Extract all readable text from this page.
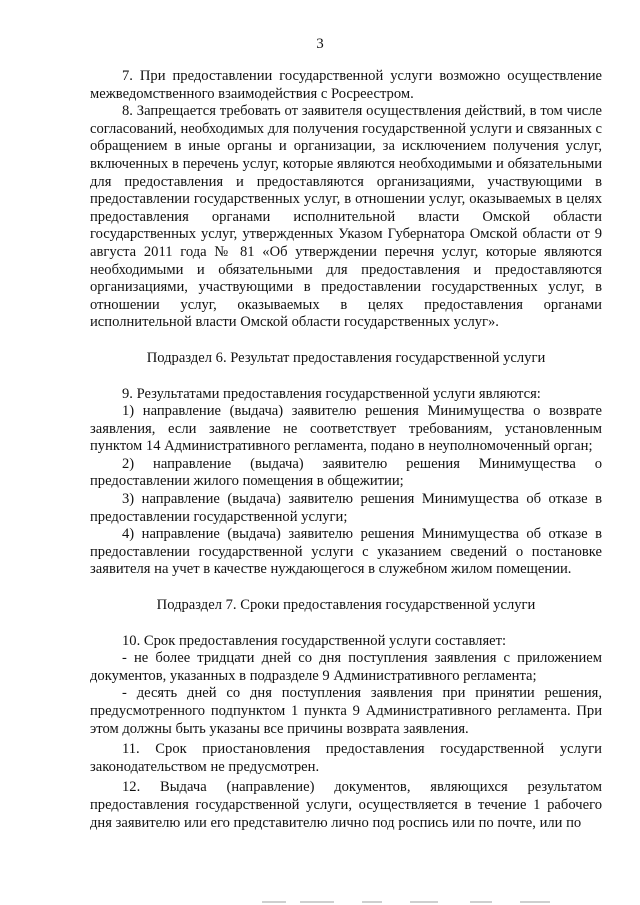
3

7. При предоставлении государственной услуги возможно осуществление межведомственного взаимодействия с Росреестром.

8. Запрещается требовать от заявителя осуществления действий, в том числе согласований, необходимых для получения государственной услуги и связанных с обращением в иные органы и организации, за исключением получения услуг, включенных в перечень услуг, которые являются необходимыми и обязательными для предоставления и предоставляются организациями, участвующими в предоставлении государственных услуг, в отношении услуг, оказываемых в целях предоставления органами исполнительной власти Омской области государственных услуг, утвержденных Указом Губернатора Омской области от 9 августа 2011 года № 81 «Об утверждении перечня услуг, которые являются необходимыми и обязательными для предоставления и предоставляются организациями, участвующими в предоставлении государственных услуг, в отношении услуг, оказываемых в целях предоставления органами исполнительной власти Омской области государственных услуг».

Подраздел 6. Результат предоставления государственной услуги

9. Результатами предоставления государственной услуги являются:

1) направление (выдача) заявителю решения Минимущества о возврате заявления, если заявление не соответствует требованиям, установленным пунктом 14 Административного регламента, подано в неуполномоченный орган;

2) направление (выдача) заявителю решения Минимущества о предоставлении жилого помещения в общежитии;

3) направление (выдача) заявителю решения Минимущества об отказе в предоставлении государственной услуги;

4) направление (выдача) заявителю решения Минимущества об отказе в предоставлении государственной услуги с указанием сведений о постановке заявителя на учет в качестве нуждающегося в служебном жилом помещении.

Подраздел 7. Сроки предоставления государственной услуги

10. Срок предоставления государственной услуги составляет:

- не более тридцати дней со дня поступления заявления с приложением документов, указанных в подразделе 9 Административного регламента;

- десять дней со дня поступления заявления при принятии решения, предусмотренного подпунктом 1 пункта 9 Административного регламента. При этом должны быть указаны все причины возврата заявления.

11. Срок приостановления предоставления государственной услуги законодательством не предусмотрен.

12. Выдача (направление) документов, являющихся результатом предоставления государственной услуги, осуществляется в течение 1 рабочего дня заявителю или его представителю лично под роспись или по почте, или по
